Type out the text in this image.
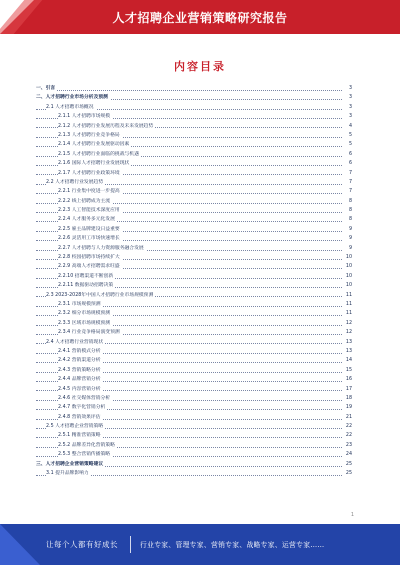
人才招聘企业营销策略研究报告
内容目录
一、引言	3
二、人才招聘行业市场分析及预测	3
2.1 人才招聘市场概况	3
2.1.1 人才招聘市场规模	3
2.1.2 人才招聘行业发展历程及未来发展趋势	4
2.1.3 人才招聘行业竞争格局	5
2.1.4 人才招聘行业发展驱动因素	5
2.1.5 人才招聘行业面临的挑战与机遇	6
2.1.6 国际人才招聘行业发展现状	6
2.1.7 人才招聘行业政策环境	7
2.2 人才招聘行业发展趋势	7
2.2.1 行业集中度进一步提高	7
2.2.2 线上招聘成为主流	8
2.2.3 人工智能技术深度应用	8
2.2.4 人才服务多元化发展	8
2.2.5 雇主品牌建设日益重要	9
2.2.6 灵活用工市场快速增长	9
2.2.7 人才招聘与人力资源服务融合发展	9
2.2.8 校园招聘市场持续扩大	10
2.2.9 高端人才招聘需求旺盛	10
2.2.10 招聘渠道不断创新	10
2.2.11 数据驱动招聘决策	10
2.3 2023-2028年中国人才招聘行业市场规模预测	11
2.3.1 市场规模预测	11
2.3.2 细分市场规模预测	11
2.3.3 区域市场规模预测	12
2.3.4 行业竞争格局演变预测	12
2.4 人才招聘行业营销现状	13
2.4.1 营销模式分析	13
2.4.2 营销渠道分析	14
2.4.3 营销策略分析	15
2.4.4 品牌营销分析	16
2.4.5 内容营销分析	17
2.4.6 社交媒体营销分析	18
2.4.7 数字化营销分析	19
2.4.8 营销效果评估	21
2.5 人才招聘企业营销策略	22
2.5.1 精准营销策略	22
2.5.2 品牌差异化营销策略	23
2.5.3 整合营销传播策略	24
三、人才招聘企业营销策略建议	25
3.1 提升品牌影响力	25
1
让每个人都有好成长	行业专家、管理专家、营销专家、战略专家、运营专家……
